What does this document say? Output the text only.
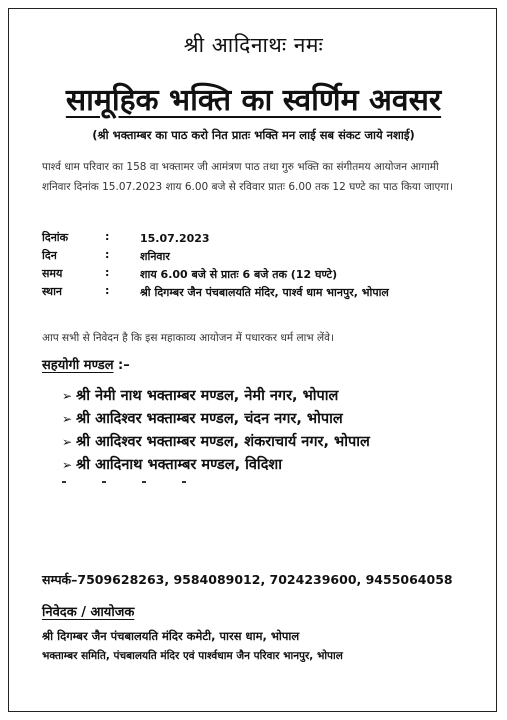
श्री आदिनाथः नमः
सामूहिक भक्ति का स्वर्णिम अवसर
(श्री भक्ताम्बर का पाठ करो नित प्रातः भक्ति मन लाई सब संकट जाये नशाई)
पार्श्व धाम परिवार का 158 वा भक्तामर जी आमंत्रण पाठ तथा गुरु भक्ति का संगीतमय आयोजन आगामी शनिवार दिनांक 15.07.2023 शाय 6.00 बजे से रविवार प्रातः 6.00 तक 12 घण्टे का पाठ किया जाएगा।
दिनांक	:	15.07.2023
दिन	:	शनिवार
समय	:	शाय 6.00 बजे से प्रातः 6 बजे तक (12 घण्टे)
स्थान	:	श्री दिगम्बर जैन पंचबालयति मंदिर, पार्श्व धाम भानपुर, भोपाल
आप सभी से निवेदन है कि इस महाकाव्य आयोजन में पधारकर धर्म लाभ लेंवे।
सहयोगी मण्डल :–
➢ श्री नेमी नाथ भक्ताम्बर मण्डल, नेमी नगर, भोपाल
➢ श्री आदिश्वर भक्ताम्बर मण्डल, चंदन नगर, भोपाल
➢ श्री आदिश्वर भक्ताम्बर मण्डल, शंकराचार्य नगर, भोपाल
➢ श्री आदिनाथ भक्ताम्बर मण्डल, विदिशा
सम्पर्क–7509628263, 9584089012, 7024239600, 9455064058
निवेदक / आयोजक
श्री दिगम्बर जैन पंचबालयति मंदिर कमेटी, पारस धाम, भोपाल
भक्ताम्बर समिति, पंचबालयति मंदिर एवं पार्श्वधाम जैन परिवार भानपुर, भोपाल
